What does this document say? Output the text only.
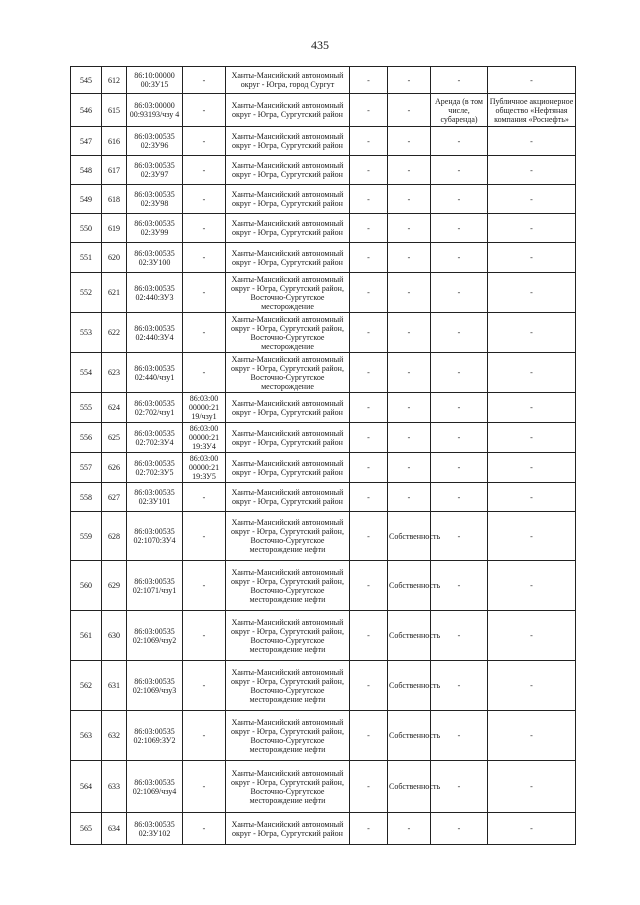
435
545	612	86:10:00000 00:ЗУ15	-	Ханты-Мансийский автономный округ - Югра, город Сургут	-	-	-	-
546	615	86:03:00000 00:93193/чзу 4	-	Ханты-Мансийский автономный округ - Югра, Сургутский район	-	-	Аренда (в том числе, субаренда)	Публичное акционерное общество «Нефтяная компания «Роснефть»
547	616	86:03:00535 02:ЗУ96	-	Ханты-Мансийский автономный округ - Югра, Сургутский район	-	-	-	-
548	617	86:03:00535 02:ЗУ97	-	Ханты-Мансийский автономный округ - Югра, Сургутский район	-	-	-	-
549	618	86:03:00535 02:ЗУ98	-	Ханты-Мансийский автономный округ - Югра, Сургутский район	-	-	-	-
550	619	86:03:00535 02:ЗУ99	-	Ханты-Мансийский автономный округ - Югра, Сургутский район	-	-	-	-
551	620	86:03:00535 02:ЗУ100	-	Ханты-Мансийский автономный округ - Югра, Сургутский район	-	-	-	-
552	621	86:03:00535 02:440:ЗУ3	-	Ханты-Мансийский автономный округ - Югра, Сургутский район, Восточно-Сургутское месторождение	-	-	-	-
553	622	86:03:00535 02:440:ЗУ4	-	Ханты-Мансийский автономный округ - Югра, Сургутский район, Восточно-Сургутское месторождение	-	-	-	-
554	623	86:03:00535 02:440/чзу1	-	Ханты-Мансийский автономный округ - Югра, Сургутский район, Восточно-Сургутское месторождение	-	-	-	-
555	624	86:03:00535 02:702/чзу1	86:03:00 00000:21 19/чзу1	Ханты-Мансийский автономный округ - Югра, Сургутский район	-	-	-	-
556	625	86:03:00535 02:702:ЗУ4	86:03:00 00000:21 19:ЗУ4	Ханты-Мансийский автономный округ - Югра, Сургутский район	-	-	-	-
557	626	86:03:00535 02:702:ЗУ5	86:03:00 00000:21 19:ЗУ5	Ханты-Мансийский автономный округ - Югра, Сургутский район	-	-	-	-
558	627	86:03:00535 02:ЗУ101	-	Ханты-Мансийский автономный округ - Югра, Сургутский район	-	-	-	-
559	628	86:03:00535 02:1070:ЗУ4	-	Ханты-Мансийский автономный округ - Югра, Сургутский район, Восточно-Сургутское месторождение нефти	-	Собственность	-	-
560	629	86:03:00535 02:1071/чзу1	-	Ханты-Мансийский автономный округ - Югра, Сургутский район, Восточно-Сургутское месторождение нефти	-	Собственность	-	-
561	630	86:03:00535 02:1069/чзу2	-	Ханты-Мансийский автономный округ - Югра, Сургутский район, Восточно-Сургутское месторождение нефти	-	Собственность	-	-
562	631	86:03:00535 02:1069/чзу3	-	Ханты-Мансийский автономный округ - Югра, Сургутский район, Восточно-Сургутское месторождение нефти	-	Собственность	-	-
563	632	86:03:00535 02:1069:ЗУ2	-	Ханты-Мансийский автономный округ - Югра, Сургутский район, Восточно-Сургутское месторождение нефти	-	Собственность	-	-
564	633	86:03:00535 02:1069/чзу4	-	Ханты-Мансийский автономный округ - Югра, Сургутский район, Восточно-Сургутское месторождение нефти	-	Собственность	-	-
565	634	86:03:00535 02:ЗУ102	-	Ханты-Мансийский автономный округ - Югра, Сургутский район	-	-	-	-
